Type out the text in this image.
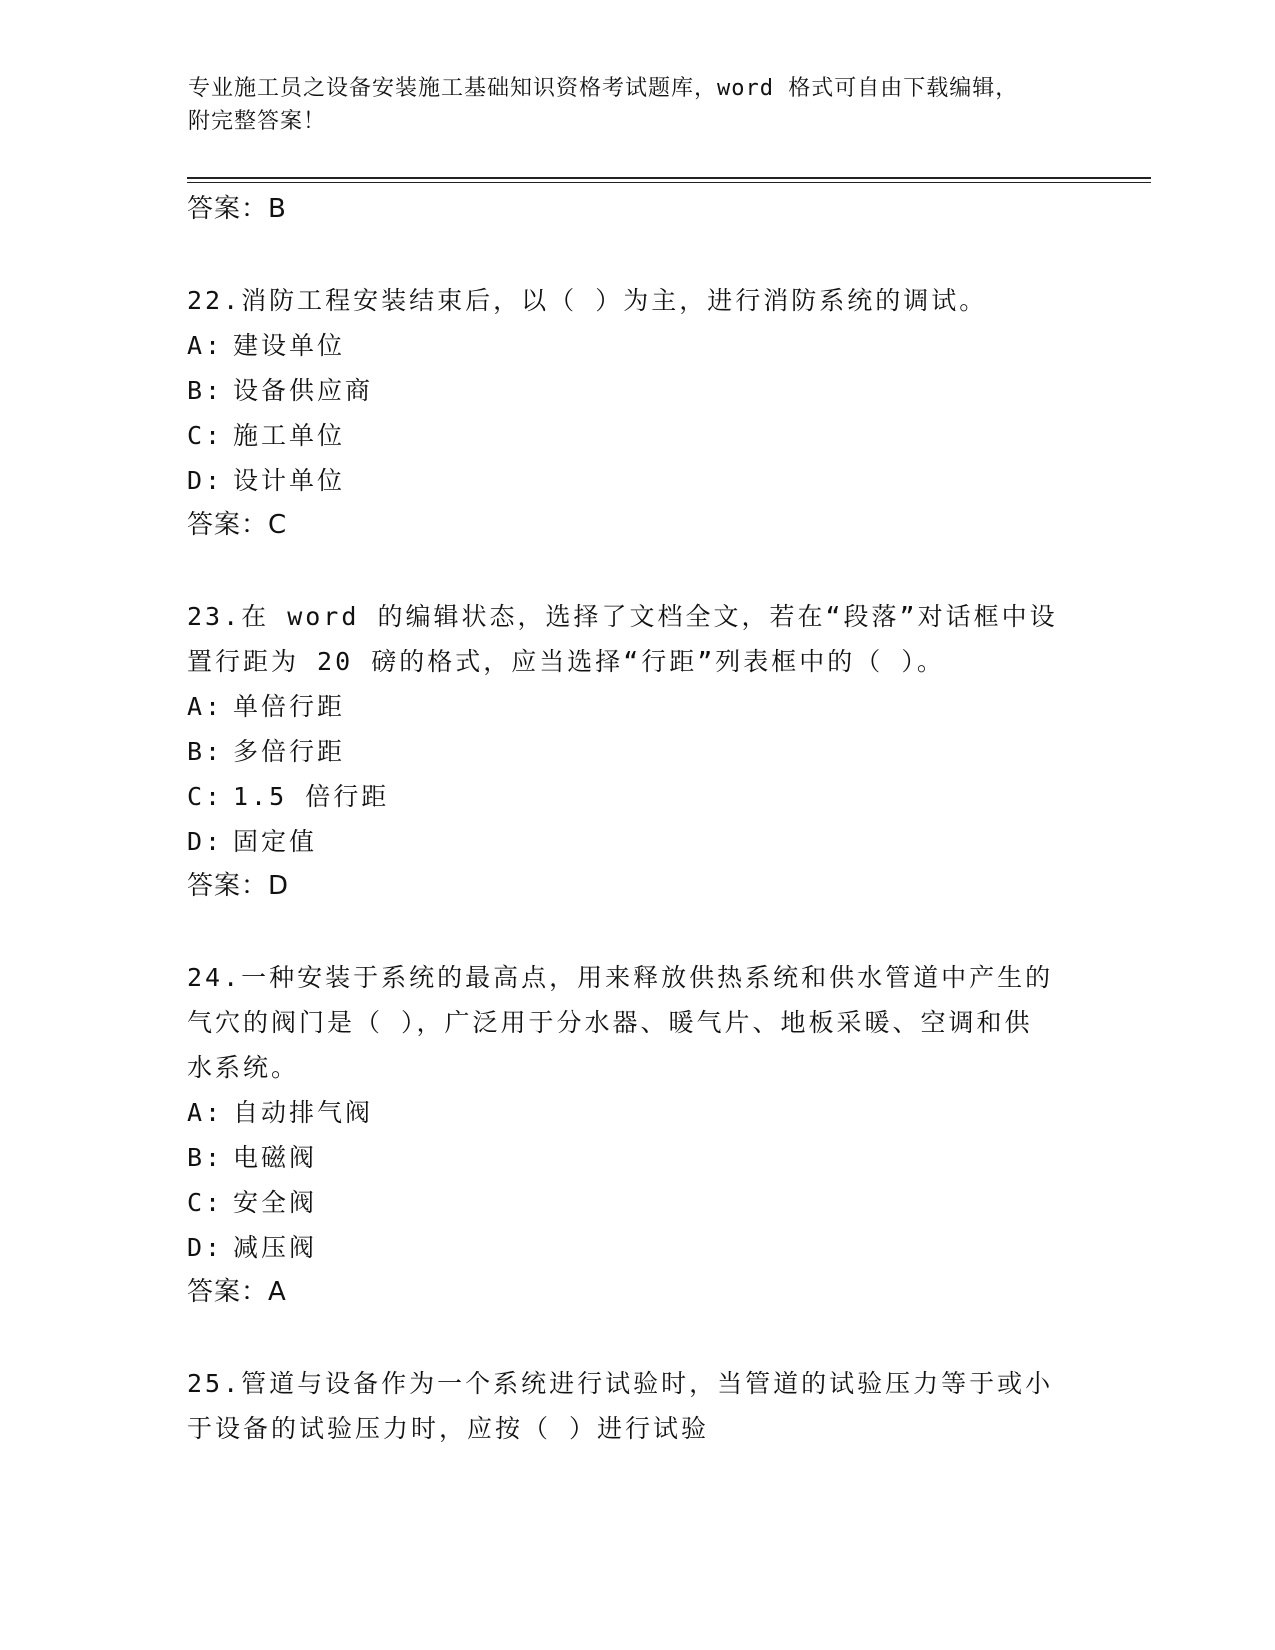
专业施工员之设备安装施工基础知识资格考试题库，word 格式可自由下载编辑，
附完整答案！
答案：B
22.消防工程安装结束后，以（ ）为主，进行消防系统的调试。
A: 建设单位
B: 设备供应商
C: 施工单位
D: 设计单位
答案：C
23.在 word 的编辑状态，选择了文档全文，若在“段落”对话框中设
置行距为 20 磅的格式，应当选择“行距”列表框中的（ ）。
A: 单倍行距
B: 多倍行距
C: 1.5 倍行距
D: 固定值
答案：D
24.一种安装于系统的最高点，用来释放供热系统和供水管道中产生的
气穴的阀门是（ ），广泛用于分水器、暖气片、地板采暖、空调和供
水系统。
A: 自动排气阀
B: 电磁阀
C: 安全阀
D: 减压阀
答案：A
25.管道与设备作为一个系统进行试验时，当管道的试验压力等于或小
于设备的试验压力时，应按（ ）进行试验
